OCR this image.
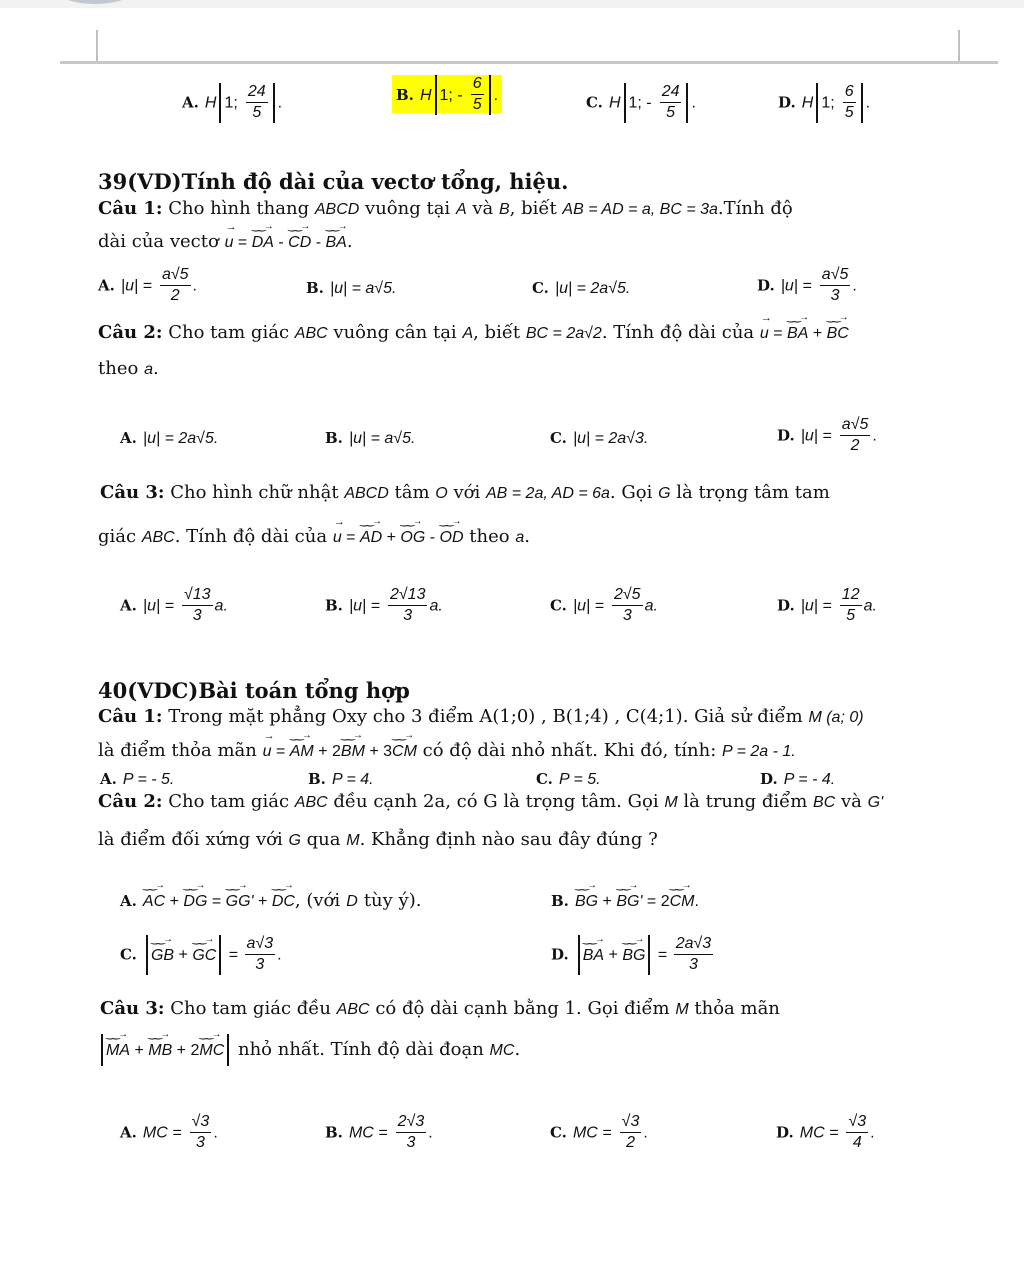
A. H 1; $\frac{24}{5}$ .	B. H 1; - $\frac{6}{5}$ .	C. H 1; - $\frac{24}{5}$ .	D. H 1; $\frac{6}{5}$ .
39(VD)Tính độ dài của vectơ tổng, hiệu.
Câu 1: Cho hình thang ABCD vuông tại A và B, biết AB = AD = a, BC = 3a.Tính độ
dài của vectơ → u = ‿‿→ DA - ‿‿→ CD - ‿‿→ BA.
A. $|u| = \frac{a√5}{2}$ .	B. |u| = a√5.	C. |u| = 2a√5.	D. $|u| = \frac{a√5}{3}$ .
Câu 2: Cho tam giác ABC vuông cân tại A, biết BC = 2a√2. Tính độ dài của → u = ‿‿→ BA + ‿‿→ BC
theo a.
A. |u| = 2a√5.	B. |u| = a√5.	C. |u| = 2a√3.	D. $|u| = \frac{a√5}{2}$ .
Câu 3: Cho hình chữ nhật ABCD tâm O với AB = 2a, AD = 6a. Gọi G là trọng tâm tam
giác ABC. Tính độ dài của → u = ‿‿→ AD + ‿‿→ OG - ‿‿→ OD theo a.
A. $|u| = \frac{√13}{3} a$.	B. $|u| = \frac{2√13}{3} a$.	C. $|u| = \frac{2√5}{3} a$.	D. $|u| = \frac{12}{5} a$.
40(VDC)Bài toán tổng hợp
Câu 1: Trong mặt phẳng Oxy cho 3 điểm A(1;0) , B(1;4) , C(4;1). Giả sử điểm M (a; 0)
là điểm thỏa mãn → u = ‿‿→ AM + 2‿‿→ BM + 3‿‿→ CM có độ dài nhỏ nhất. Khi đó, tính: P = 2a - 1.
A. P = - 5.	B. P = 4.	C. P = 5.	D. P = - 4.
Câu 2: Cho tam giác ABC đều cạnh 2a, có G là trọng tâm. Gọi M là trung điểm BC và G'
là điểm đối xứng với G qua M. Khẳng định nào sau đây đúng ?
A. ‿‿→ AC + ‿‿→ DG = ‿‿→ GG' + ‿‿→ DC, (với D tùy ý).	B. ‿‿→ BG + ‿‿→ BG' = 2‿‿→ CM.
C. ‿‿→ GB + ‿‿→ GC = $\frac{a√3}{3}$ .	D. ‿‿→ BA + ‿‿→ BG = $\frac{2a√3}{3}$
Câu 3: Cho tam giác đều ABC có độ dài cạnh bằng 1. Gọi điểm M thỏa mãn
‿‿→ MA + ‿‿→ MB + 2‿‿→ MC nhỏ nhất. Tính độ dài đoạn MC.
A. MC = $\frac{√3}{3}$ .	B. MC = $\frac{2√3}{3}$ .	C. MC = $\frac{√3}{2}$ .	D. MC = $\frac{√3}{4}$ .
